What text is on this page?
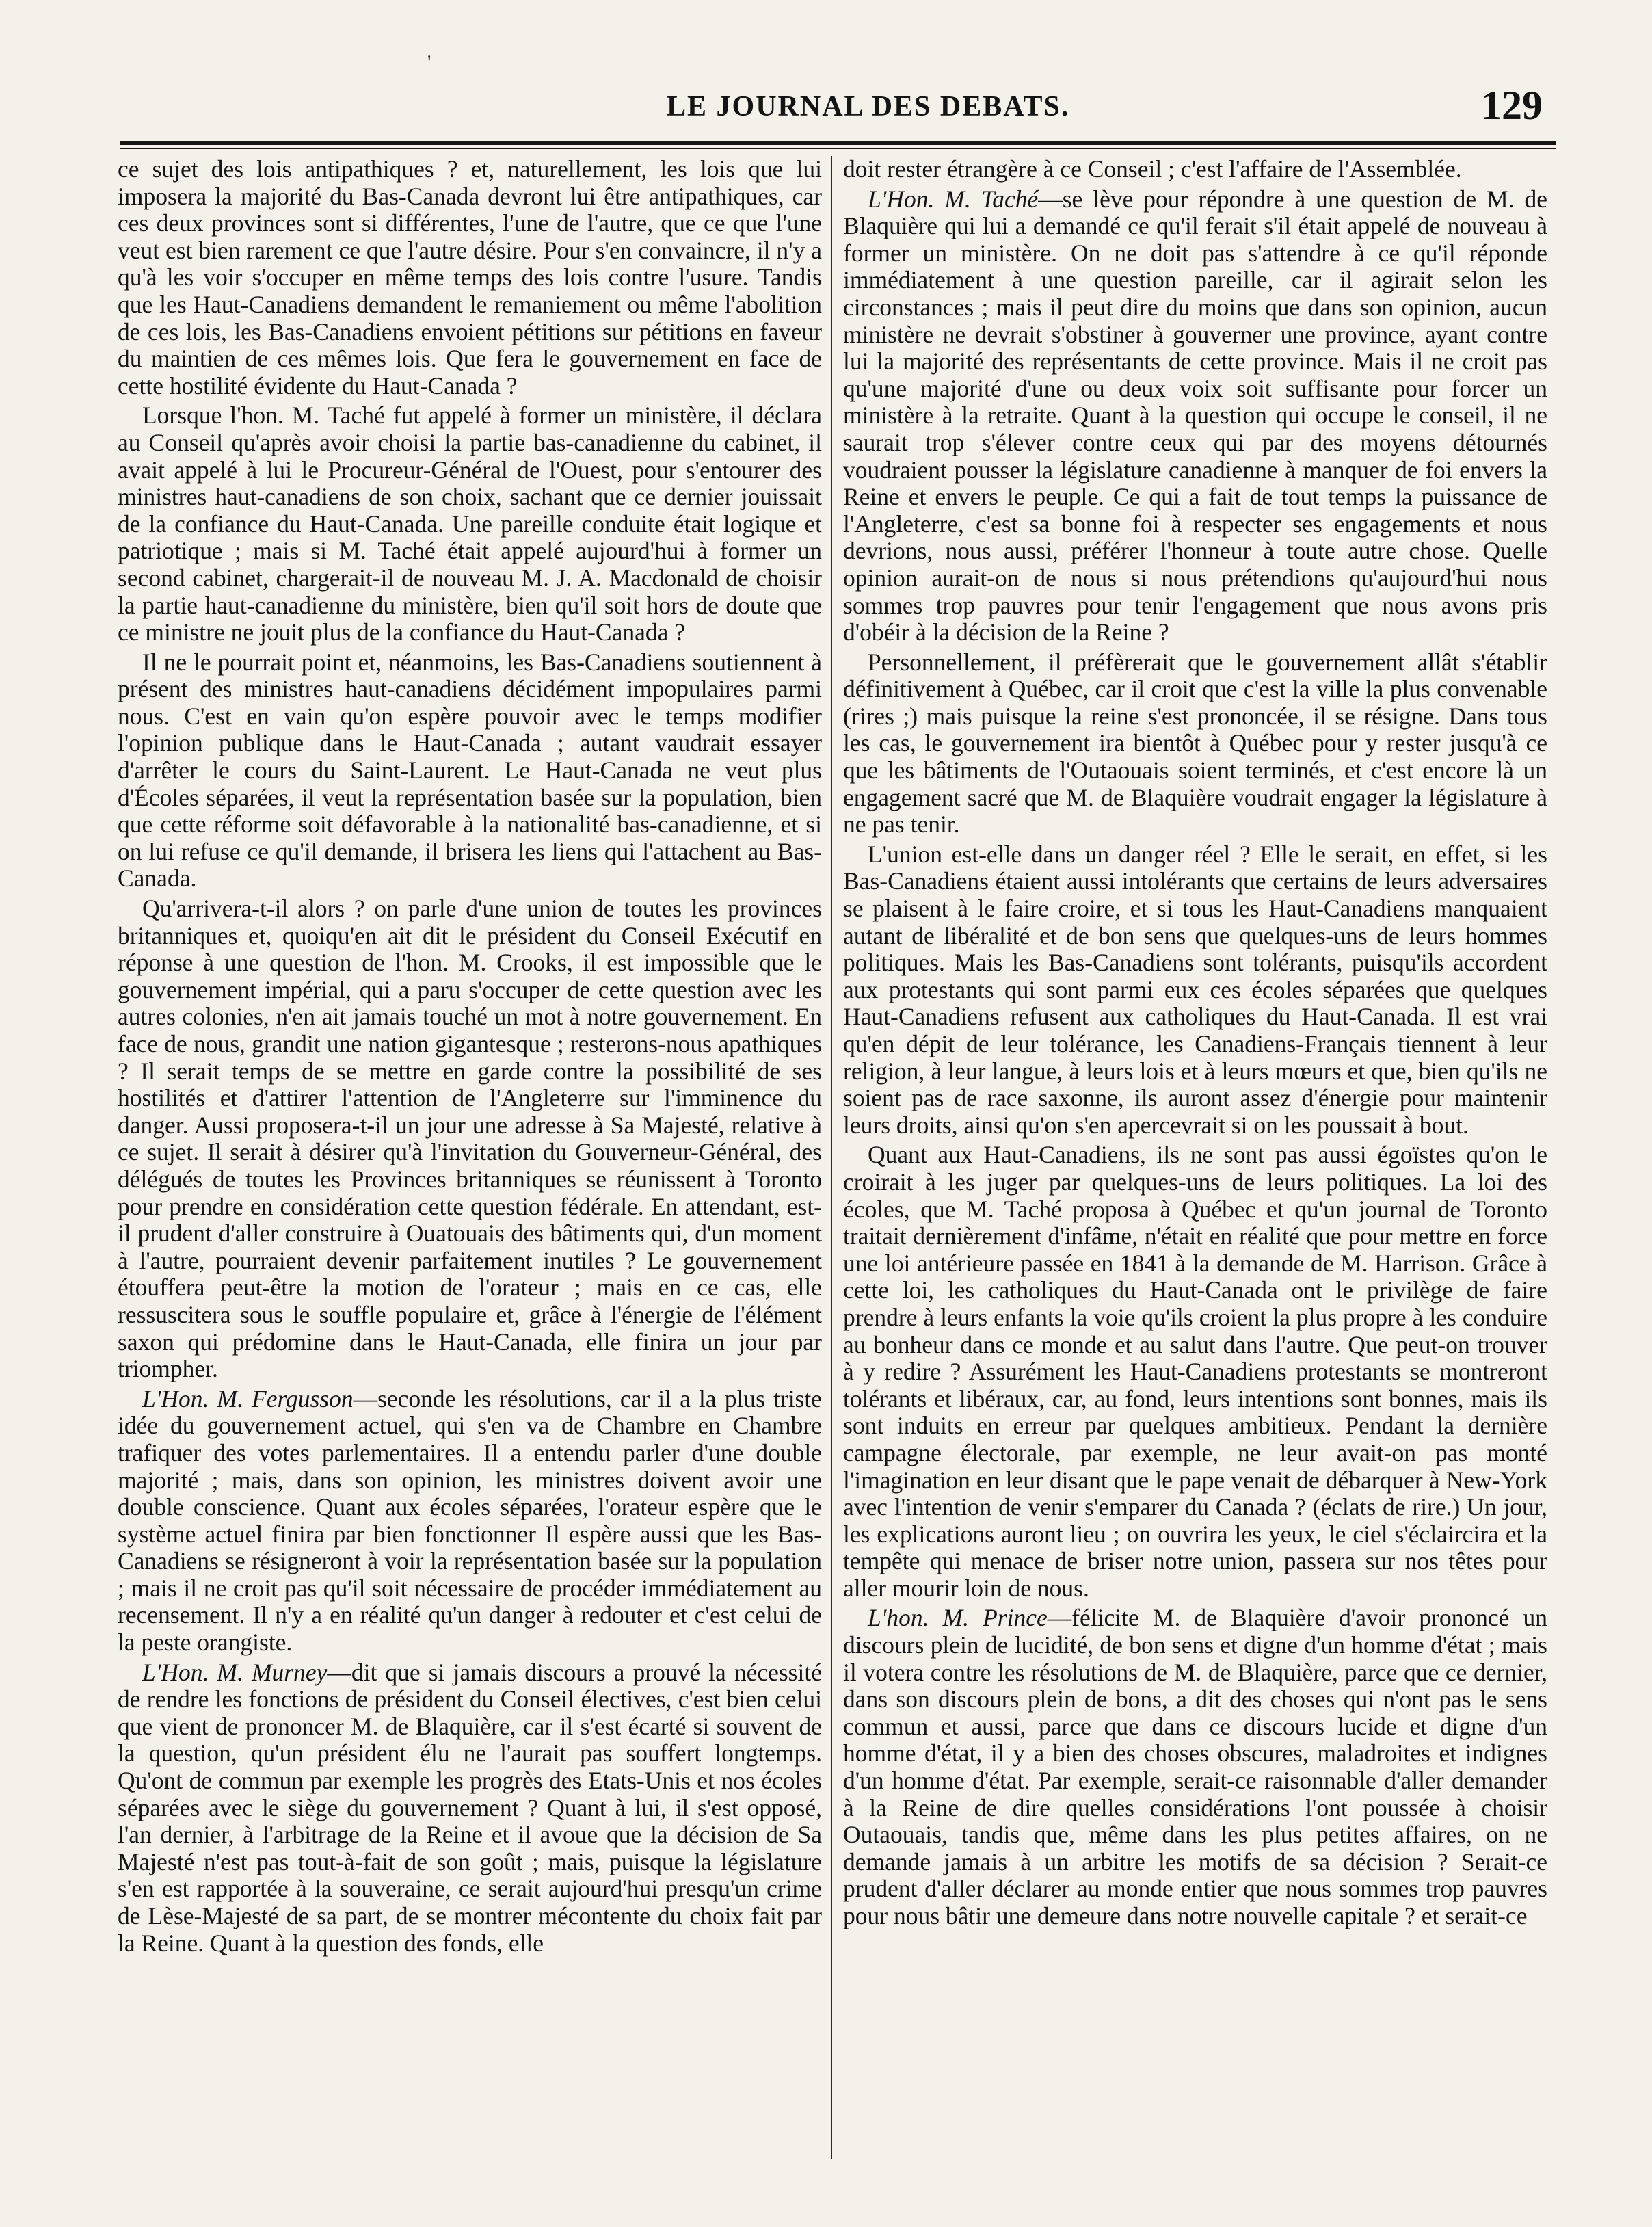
'
LE JOURNAL DES DEBATS.	129

ce sujet des lois antipathiques ? et, naturellement, les lois que lui imposera la majorité du Bas-Canada devront lui être antipathiques, car ces deux provinces sont si différentes, l'une de l'autre, que ce que l'une veut est bien rarement ce que l'autre désire. Pour s'en convaincre, il n'y a qu'à les voir s'occuper en même temps des lois contre l'usure. Tandis que les Haut-Canadiens demandent le remaniement ou même l'abolition de ces lois, les Bas-Canadiens envoient pétitions sur pétitions en faveur du maintien de ces mêmes lois. Que fera le gouvernement en face de cette hostilité évidente du Haut-Canada ?

Lorsque l'hon. M. Taché fut appelé à former un ministère, il déclara au Conseil qu'après avoir choisi la partie bas-canadienne du cabinet, il avait appelé à lui le Procureur-Général de l'Ouest, pour s'entourer des ministres haut-canadiens de son choix, sachant que ce dernier jouissait de la confiance du Haut-Canada. Une pareille conduite était logique et patriotique ; mais si M. Taché était appelé aujourd'hui à former un second cabinet, chargerait-il de nouveau M. J. A. Macdonald de choisir la partie haut-canadienne du ministère, bien qu'il soit hors de doute que ce ministre ne jouit plus de la confiance du Haut-Canada ?

Il ne le pourrait point et, néanmoins, les Bas-Canadiens soutiennent à présent des ministres haut-canadiens décidément impopulaires parmi nous. C'est en vain qu'on espère pouvoir avec le temps modifier l'opinion publique dans le Haut-Canada ; autant vaudrait essayer d'arrêter le cours du Saint-Laurent. Le Haut-Canada ne veut plus d'Écoles séparées, il veut la représentation basée sur la population, bien que cette réforme soit défavorable à la nationalité bas-canadienne, et si on lui refuse ce qu'il demande, il brisera les liens qui l'attachent au Bas-Canada.

Qu'arrivera-t-il alors ? on parle d'une union de toutes les provinces britanniques et, quoiqu'en ait dit le président du Conseil Exécutif en réponse à une question de l'hon. M. Crooks, il est impossible que le gouvernement impérial, qui a paru s'occuper de cette question avec les autres colonies, n'en ait jamais touché un mot à notre gouvernement. En face de nous, grandit une nation gigantesque ; resterons-nous apathiques ? Il serait temps de se mettre en garde contre la possibilité de ses hostilités et d'attirer l'attention de l'Angleterre sur l'imminence du danger. Aussi proposera-t-il un jour une adresse à Sa Majesté, relative à ce sujet. Il serait à désirer qu'à l'invitation du Gouverneur-Général, des délégués de toutes les Provinces britanniques se réunissent à Toronto pour prendre en considération cette question fédérale. En attendant, est-il prudent d'aller construire à Ouatouais des bâtiments qui, d'un moment à l'autre, pourraient devenir parfaitement inutiles ? Le gouvernement étouffera peut-être la motion de l'orateur ; mais en ce cas, elle ressuscitera sous le souffle populaire et, grâce à l'énergie de l'élément saxon qui prédomine dans le Haut-Canada, elle finira un jour par triompher.

L'Hon. M. Fergusson—seconde les résolutions, car il a la plus triste idée du gouvernement actuel, qui s'en va de Chambre en Chambre trafiquer des votes parlementaires. Il a entendu parler d'une double majorité ; mais, dans son opinion, les ministres doivent avoir une double conscience. Quant aux écoles séparées, l'orateur espère que le système actuel finira par bien fonctionner Il espère aussi que les Bas-Canadiens se résigneront à voir la représentation basée sur la population ; mais il ne croit pas qu'il soit nécessaire de procéder immédiatement au recensement. Il n'y a en réalité qu'un danger à redouter et c'est celui de la peste orangiste.

L'Hon. M. Murney—dit que si jamais discours a prouvé la nécessité de rendre les fonctions de président du Conseil électives, c'est bien celui que vient de prononcer M. de Blaquière, car il s'est écarté si souvent de la question, qu'un président élu ne l'aurait pas souffert longtemps. Qu'ont de commun par exemple les progrès des Etats-Unis et nos écoles séparées avec le siège du gouvernement ? Quant à lui, il s'est opposé, l'an dernier, à l'arbitrage de la Reine et il avoue que la décision de Sa Majesté n'est pas tout-à-fait de son goût ; mais, puisque la législature s'en est rapportée à la souveraine, ce serait aujourd'hui presqu'un crime de Lèse-Majesté de sa part, de se montrer mécontente du choix fait par la Reine. Quant à la question des fonds, elle

doit rester étrangère à ce Conseil ; c'est l'affaire de l'Assemblée.

L'Hon. M. Taché—se lève pour répondre à une question de M. de Blaquière qui lui a demandé ce qu'il ferait s'il était appelé de nouveau à former un ministère. On ne doit pas s'attendre à ce qu'il réponde immédiatement à une question pareille, car il agirait selon les circonstances ; mais il peut dire du moins que dans son opinion, aucun ministère ne devrait s'obstiner à gouverner une province, ayant contre lui la majorité des représentants de cette province. Mais il ne croit pas qu'une majorité d'une ou deux voix soit suffisante pour forcer un ministère à la retraite. Quant à la question qui occupe le conseil, il ne saurait trop s'élever contre ceux qui par des moyens détournés voudraient pousser la législature canadienne à manquer de foi envers la Reine et envers le peuple. Ce qui a fait de tout temps la puissance de l'Angleterre, c'est sa bonne foi à respecter ses engagements et nous devrions, nous aussi, préférer l'honneur à toute autre chose. Quelle opinion aurait-on de nous si nous prétendions qu'aujourd'hui nous sommes trop pauvres pour tenir l'engagement que nous avons pris d'obéir à la décision de la Reine ?

Personnellement, il préfèrerait que le gouvernement allât s'établir définitivement à Québec, car il croit que c'est la ville la plus convenable (rires ;) mais puisque la reine s'est prononcée, il se résigne. Dans tous les cas, le gouvernement ira bientôt à Québec pour y rester jusqu'à ce que les bâtiments de l'Outaouais soient terminés, et c'est encore là un engagement sacré que M. de Blaquière voudrait engager la législature à ne pas tenir.

L'union est-elle dans un danger réel ? Elle le serait, en effet, si les Bas-Canadiens étaient aussi intolérants que certains de leurs adversaires se plaisent à le faire croire, et si tous les Haut-Canadiens manquaient autant de libéralité et de bon sens que quelques-uns de leurs hommes politiques. Mais les Bas-Canadiens sont tolérants, puisqu'ils accordent aux protestants qui sont parmi eux ces écoles séparées que quelques Haut-Canadiens refusent aux catholiques du Haut-Canada. Il est vrai qu'en dépit de leur tolérance, les Canadiens-Français tiennent à leur religion, à leur langue, à leurs lois et à leurs mœurs et que, bien qu'ils ne soient pas de race saxonne, ils auront assez d'énergie pour maintenir leurs droits, ainsi qu'on s'en apercevrait si on les poussait à bout.

Quant aux Haut-Canadiens, ils ne sont pas aussi égoïstes qu'on le croirait à les juger par quelques-uns de leurs politiques. La loi des écoles, que M. Taché proposa à Québec et qu'un journal de Toronto traitait dernièrement d'infâme, n'était en réalité que pour mettre en force une loi antérieure passée en 1841 à la demande de M. Harrison. Grâce à cette loi, les catholiques du Haut-Canada ont le privilège de faire prendre à leurs enfants la voie qu'ils croient la plus propre à les conduire au bonheur dans ce monde et au salut dans l'autre. Que peut-on trouver à y redire ? Assurément les Haut-Canadiens protestants se montreront tolérants et libéraux, car, au fond, leurs intentions sont bonnes, mais ils sont induits en erreur par quelques ambitieux. Pendant la dernière campagne électorale, par exemple, ne leur avait-on pas monté l'imagination en leur disant que le pape venait de débarquer à New-York avec l'intention de venir s'emparer du Canada ? (éclats de rire.) Un jour, les explications auront lieu ; on ouvrira les yeux, le ciel s'éclaircira et la tempête qui menace de briser notre union, passera sur nos têtes pour aller mourir loin de nous.

L'hon. M. Prince—félicite M. de Blaquière d'avoir prononcé un discours plein de lucidité, de bon sens et digne d'un homme d'état ; mais il votera contre les résolutions de M. de Blaquière, parce que ce dernier, dans son discours plein de bons, a dit des choses qui n'ont pas le sens commun et aussi, parce que dans ce discours lucide et digne d'un homme d'état, il y a bien des choses obscures, maladroites et indignes d'un homme d'état. Par exemple, serait-ce raisonnable d'aller demander à la Reine de dire quelles considérations l'ont poussée à choisir Outaouais, tandis que, même dans les plus petites affaires, on ne demande jamais à un arbitre les motifs de sa décision ? Serait-ce prudent d'aller déclarer au monde entier que nous sommes trop pauvres pour nous bâtir une demeure dans notre nouvelle capitale ? et serait-ce
